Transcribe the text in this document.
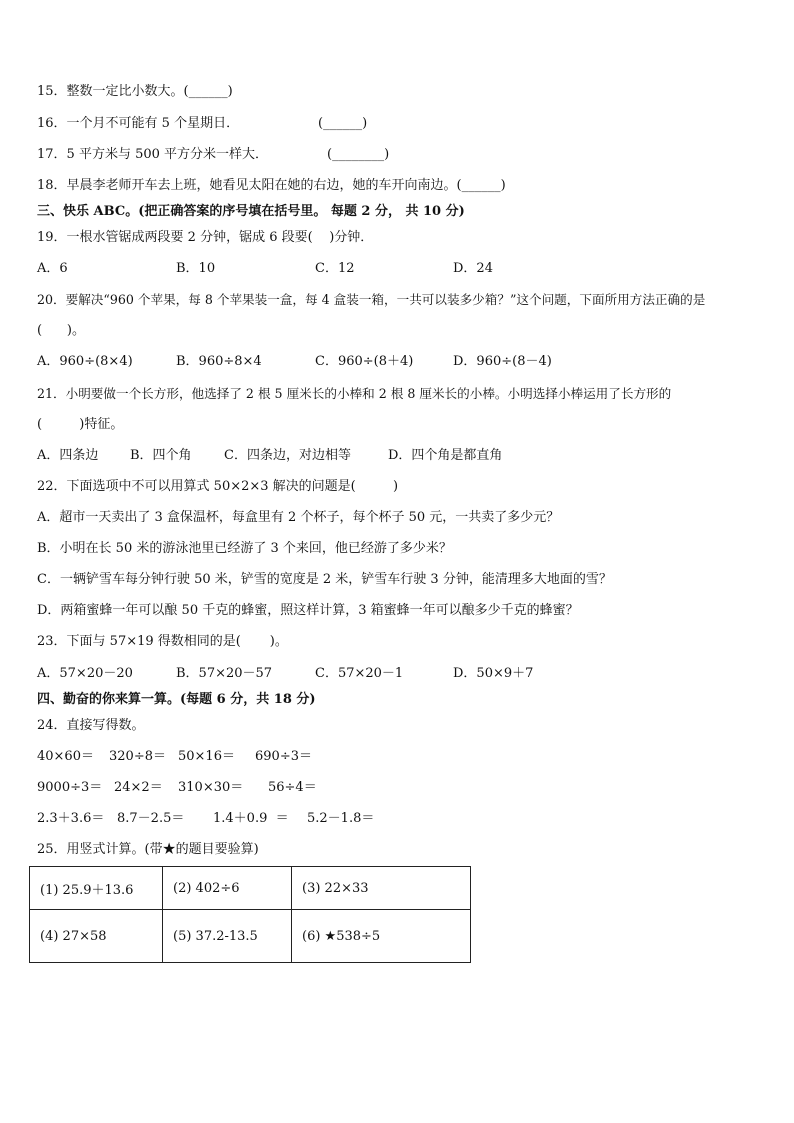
15．整数一定比小数大。(______)
16．一个月不可能有 5 个星期日．	(______)
17．5 平方米与 500 平方分米一样大．	(________)
18．早晨李老师开车去上班，她看见太阳在她的右边，她的车开向南边。(______)
三、快乐 ABC。(把正确答案的序号填在括号里。 每题 2 分， 共 10 分)
19．一根水管锯成两段要 2 分钟，锯成 6 段要(    )分钟．
A．6	B．10	C．12	D．24
20．要解决“960 个苹果，每 8 个苹果装一盒，每 4 盒装一箱，一共可以装多少箱？”这个问题，下面所用方法正确的是
(      )。
A．960÷(8×4)	B．960÷8×4	C．960÷(8＋4)	D．960÷(8－4)
21．小明要做一个长方形，他选择了 2 根 5 厘米长的小棒和 2 根 8 厘米长的小棒。小明选择小棒运用了长方形的
(         )特征。
A．四条边 B．四个角 C．四条边，对边相等	D．四个角是都直角
22．下面选项中不可以用算式 50×2×3 解决的问题是(         )
A．超市一天卖出了 3 盒保温杯，每盒里有 2 个杯子，每个杯子 50 元，一共卖了多少元？
B．小明在长 50 米的游泳池里已经游了 3 个来回，他已经游了多少米？
C．一辆铲雪车每分钟行驶 50 米，铲雪的宽度是 2 米，铲雪车行驶 3 分钟，能清理多大地面的雪？
D．两箱蜜蜂一年可以酿 50 千克的蜂蜜，照这样计算，3 箱蜜蜂一年可以酿多少千克的蜂蜜？
23．下面与 57×19 得数相同的是(       )。
A．57×20－20	B．57×20－57	C．57×20－1	D．50×9＋7
四、勤奋的你来算一算。(每题 6 分，共 18 分)
24．直接写得数。
40×60＝ 320÷8＝ 50×16＝ 690÷3＝
9000÷3＝ 24×2＝ 310×30＝ 56÷4＝
2.3＋3.6＝ 8.7－2.5＝ 1.4＋0.9  ＝ 5.2－1.8＝
25．用竖式计算。(带★的题目要验算)
(1) 25.9＋13.6	(2) 402÷6	(3) 22×33
(4) 27×58	(5) 37.2-13.5	(6) ★538÷5
